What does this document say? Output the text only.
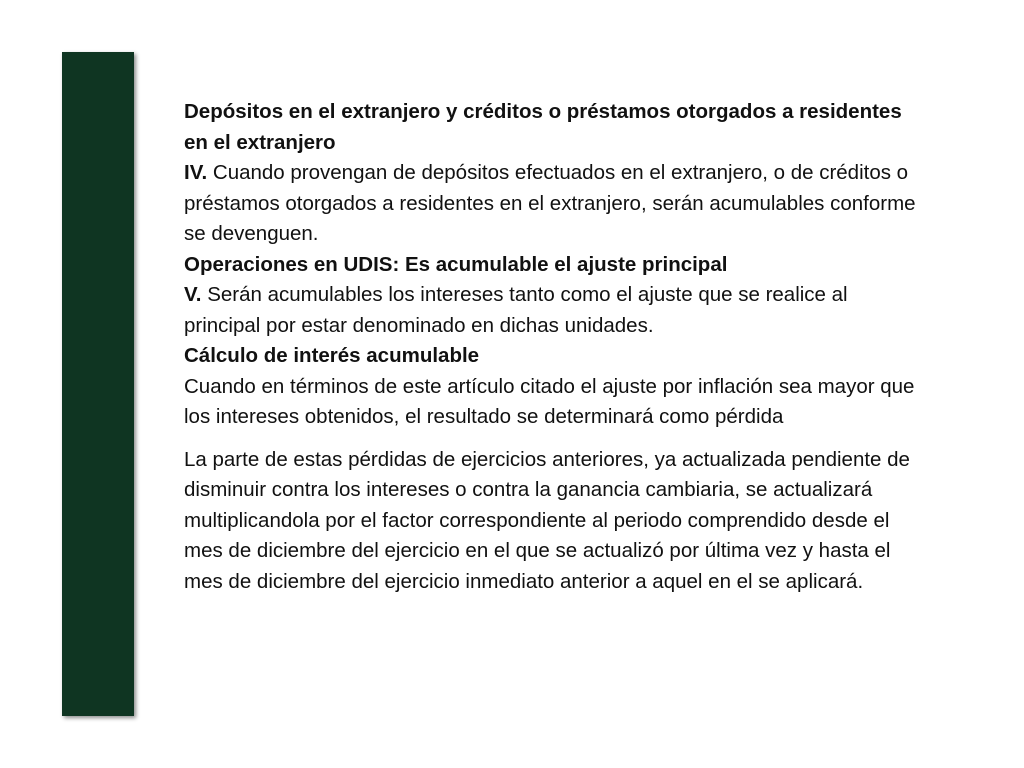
Depósitos en el extranjero y créditos o préstamos otorgados a residentes en el extranjero

IV. Cuando provengan de depósitos efectuados en el extranjero, o de créditos o préstamos otorgados a residentes en el extranjero, serán acumulables conforme se devenguen.

Operaciones en UDIS: Es acumulable el ajuste principal

V. Serán acumulables los intereses tanto como el ajuste que se realice al principal por estar denominado en dichas unidades.

Cálculo de interés acumulable

Cuando en términos de este artículo citado el ajuste por inflación sea mayor que los intereses obtenidos, el resultado se determinará como pérdida

La parte de estas pérdidas de ejercicios anteriores, ya actualizada pendiente de disminuir contra los intereses o contra la ganancia cambiaria, se actualizará multiplicandola por el factor correspondiente al periodo comprendido desde el mes de diciembre del ejercicio en el que se actualizó por última vez y hasta el mes de diciembre del ejercicio inmediato anterior a aquel en el se aplicará.
